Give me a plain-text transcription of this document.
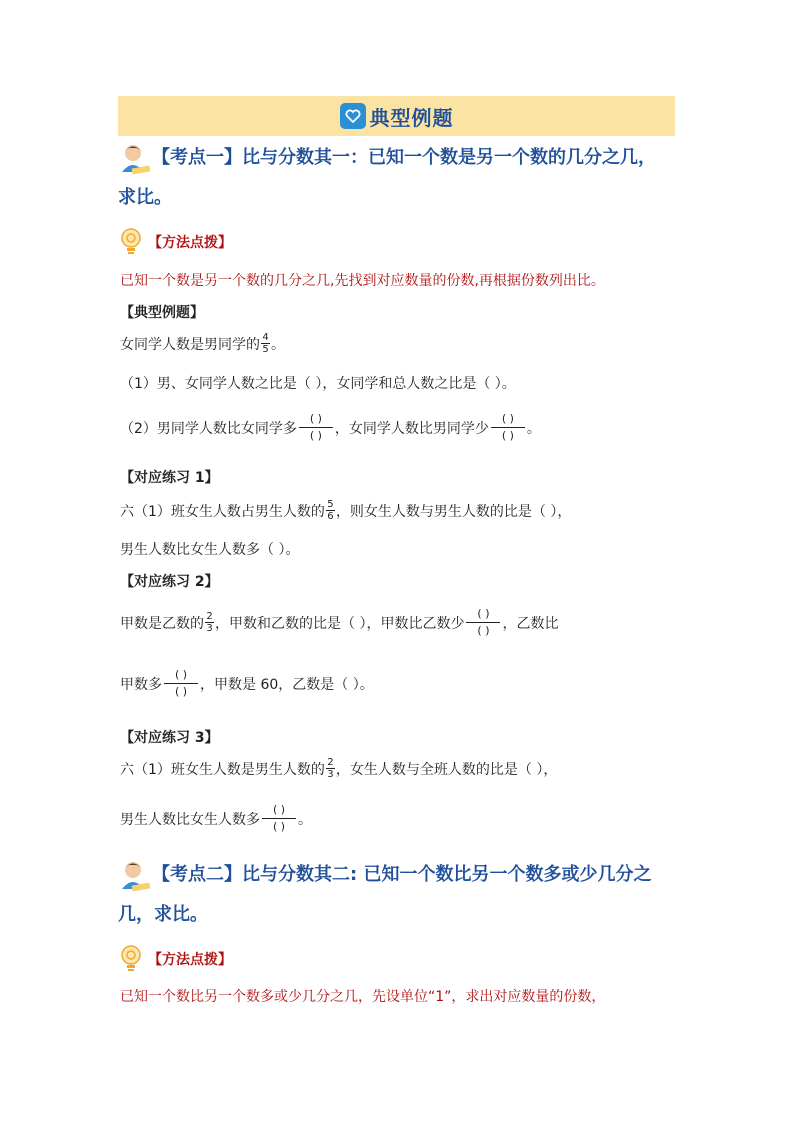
典型例题
【考点一】比与分数其一：已知一个数是另一个数的几分之几，
求比。
【方法点拨】
已知一个数是另一个数的几分之几,先找到对应数量的份数,再根据份数列出比。
【典型例题】
女同学人数是男同学的 $\frac{4}{5}$ 。
（1）男、女同学人数之比是（ ），女同学和总人数之比是（ ）。
（2）男同学人数比女同学多
( )
( ) ，女同学人数比男同学少
( )
( ) 。
【对应练习 1】
六（1）班女生人数占男生人数的 $\frac{5}{6}$ ，则女生人数与男生人数的比是（ ），
男生人数比女生人数多（ ）。
【对应练习 2】
甲数是乙数的 $\frac{2}{3}$ ，甲数和乙数的比是（ ），甲数比乙数少
( )
( ) ，乙数比
甲数多
( )
( ) ，甲数是 60，乙数是（ ）。
【对应练习 3】
六（1）班女生人数是男生人数的 $\frac{2}{3}$ ，女生人数与全班人数的比是（ ），
男生人数比女生人数多
( )
( ) 。
【考点二】比与分数其二: 已知一个数比另一个数多或少几分之
几，求比。
【方法点拨】
已知一个数比另一个数多或少几分之几，先设单位“1”，求出对应数量的份数，
